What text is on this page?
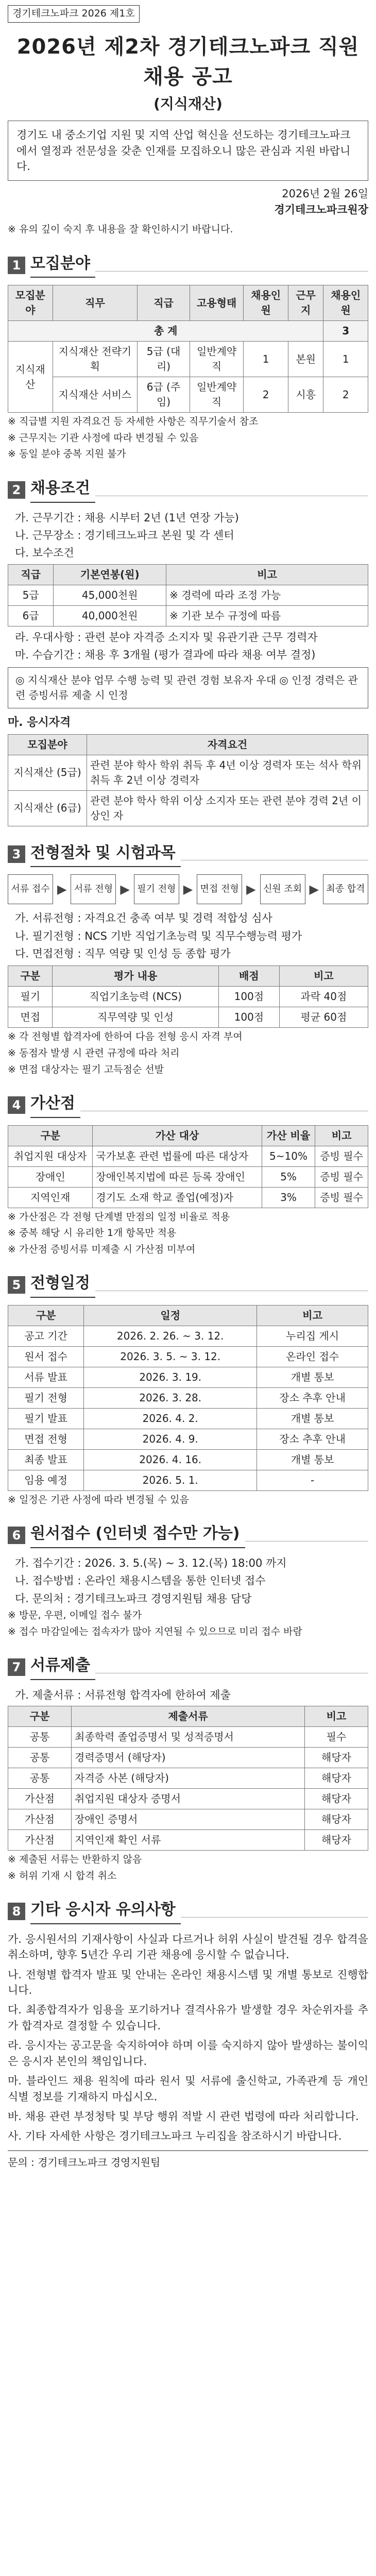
경기테크노파크 2026 제1호
2026년 제2차 경기테크노파크 직원 채용 공고
(지식재산)
경기도 내 중소기업 지원 및 지역 산업 혁신을 선도하는 경기테크노파크에서 열정과 전문성을 갖춘 인재를 모집하오니 많은 관심과 지원 바랍니다.
2026년 2월 26일
경기테크노파크원장
※ 유의 깊이 숙지 후 내용을 잘 확인하시기 바랍니다.
1 모집분야
모집분야	직무	직급	고용형태	채용인원	근무지	채용인원
총 계						3
지식재산	지식재산 전략기획	5급 (대리)	일반계약직	1	본원	1
	지식재산 서비스	6급 (주임)	일반계약직	2	시흥	2
※ 직급별 지원 자격요건 등 자세한 사항은 직무기술서 참조
※ 근무지는 기관 사정에 따라 변경될 수 있음
※ 동일 분야 중복 지원 불가
2 채용조건
가. 근무기간 : 채용 시부터 2년 (1년 연장 가능)
나. 근무장소 : 경기테크노파크 본원 및 각 센터
다. 보수조건
직급	기본연봉(원)	비고
5급	45,000천원	※ 경력에 따라 조정 가능
6급	40,000천원	※ 기관 보수 규정에 따름
라. 우대사항 : 관련 분야 자격증 소지자 및 유관기관 근무 경력자
마. 수습기간 : 채용 후 3개월 (평가 결과에 따라 채용 여부 결정)
◎ 지식재산 분야 업무 수행 능력 및 관련 경험 보유자 우대 ◎ 인정 경력은 관련 증빙서류 제출 시 인정
마. 응시자격
모집분야	자격요건
지식재산 (5급)	관련 분야 학사 학위 취득 후 4년 이상 경력자 또는 석사 학위 취득 후 2년 이상 경력자
지식재산 (6급)	관련 분야 학사 학위 이상 소지자 또는 관련 분야 경력 2년 이상인 자
3 전형절차 및 시험과목
서류 접수 ▶ 서류 전형 ▶ 필기 전형 ▶ 면접 전형 ▶ 신원 조회 ▶ 최종 합격
가. 서류전형 : 자격요건 충족 여부 및 경력 적합성 심사
나. 필기전형 : NCS 기반 직업기초능력 및 직무수행능력 평가
다. 면접전형 : 직무 역량 및 인성 등 종합 평가
구분	평가 내용	배점	비고
필기	직업기초능력 (NCS)	100점	과락 40점
면접	직무역량 및 인성	100점	평균 60점
※ 각 전형별 합격자에 한하여 다음 전형 응시 자격 부여
※ 동점자 발생 시 관련 규정에 따라 처리
※ 면접 대상자는 필기 고득점순 선발
4 가산점
구분	가산 대상	가산 비율	비고
취업지원 대상자	국가보훈 관련 법률에 따른 대상자	5~10%	증빙 필수
장애인	장애인복지법에 따른 등록 장애인	5%	증빙 필수
지역인재	경기도 소재 학교 졸업(예정)자	3%	증빙 필수
※ 가산점은 각 전형 단계별 만점의 일정 비율로 적용
※ 중복 해당 시 유리한 1개 항목만 적용
※ 가산점 증빙서류 미제출 시 가산점 미부여
5 전형일정
구분	일정	비고
공고 기간	2026. 2. 26. ~ 3. 12.	누리집 게시
원서 접수	2026. 3. 5. ~ 3. 12.	온라인 접수
서류 발표	2026. 3. 19.	개별 통보
필기 전형	2026. 3. 28.	장소 추후 안내
필기 발표	2026. 4. 2.	개별 통보
면접 전형	2026. 4. 9.	장소 추후 안내
최종 발표	2026. 4. 16.	개별 통보
임용 예정	2026. 5. 1.	-
※ 일정은 기관 사정에 따라 변경될 수 있음
6 원서접수 (인터넷 접수만 가능)
가. 접수기간 : 2026. 3. 5.(목) ~ 3. 12.(목) 18:00 까지
나. 접수방법 : 온라인 채용시스템을 통한 인터넷 접수
다. 문의처 : 경기테크노파크 경영지원팀 채용 담당
※ 방문, 우편, 이메일 접수 불가
※ 접수 마감일에는 접속자가 많아 지연될 수 있으므로 미리 접수 바람
7 서류제출
가. 제출서류 : 서류전형 합격자에 한하여 제출
구분	제출서류	비고
공통	최종학력 졸업증명서 및 성적증명서	필수
공통	경력증명서 (해당자)	해당자
공통	자격증 사본 (해당자)	해당자
가산점	취업지원 대상자 증명서	해당자
가산점	장애인 증명서	해당자
가산점	지역인재 확인 서류	해당자
※ 제출된 서류는 반환하지 않음
※ 허위 기재 시 합격 취소
8 기타 응시자 유의사항
가. 응시원서의 기재사항이 사실과 다르거나 허위 사실이 발견될 경우 합격을 취소하며, 향후 5년간 우리 기관 채용에 응시할 수 없습니다.
나. 전형별 합격자 발표 및 안내는 온라인 채용시스템 및 개별 통보로 진행합니다.
다. 최종합격자가 임용을 포기하거나 결격사유가 발생할 경우 차순위자를 추가 합격자로 결정할 수 있습니다.
라. 응시자는 공고문을 숙지하여야 하며 이를 숙지하지 않아 발생하는 불이익은 응시자 본인의 책임입니다.
마. 블라인드 채용 원칙에 따라 원서 및 서류에 출신학교, 가족관계 등 개인 식별 정보를 기재하지 마십시오.
바. 채용 관련 부정청탁 및 부당 행위 적발 시 관련 법령에 따라 처리합니다.
사. 기타 자세한 사항은 경기테크노파크 누리집을 참조하시기 바랍니다.
문의 : 경기테크노파크 경영지원팀
